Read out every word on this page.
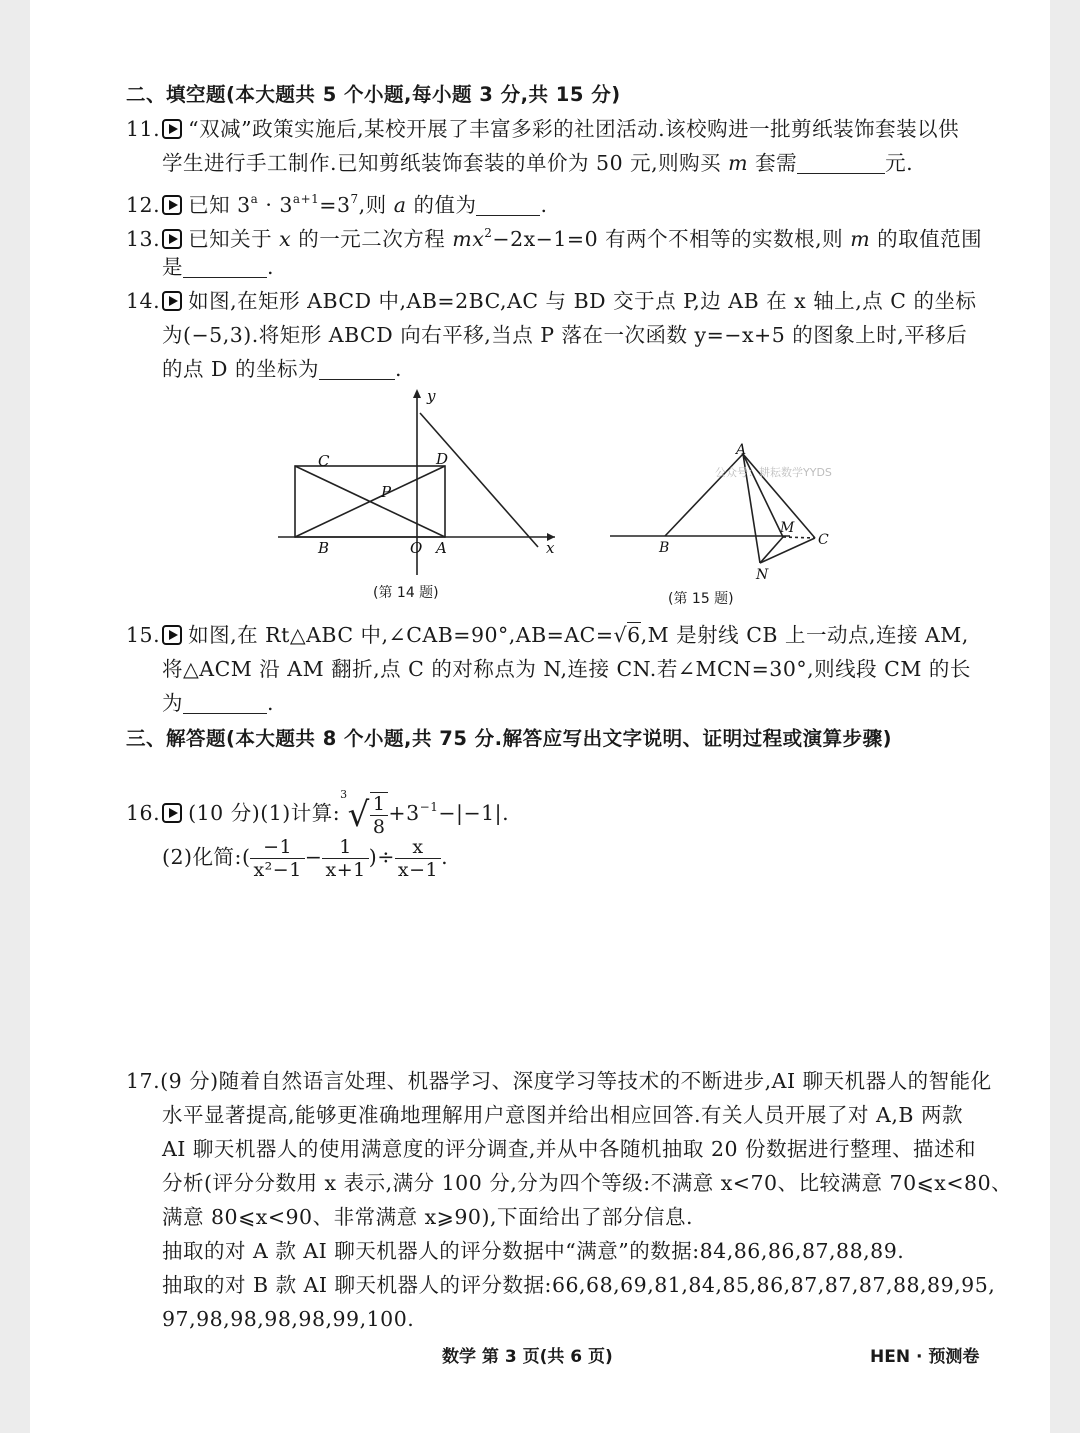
二、填空题(本大题共 5 个小题,每小题 3 分,共 15 分)
11. “双减”政策实施后,某校开展了丰富多彩的社团活动.该校购进一批剪纸装饰套装以供
学生进行手工制作.已知剪纸装饰套装的单价为 50 元,则购买 m 套需	元.
12. 已知 $3^a \cdot 3^{a+1}=3^7$,则 a 的值为	.
13. 已知关于 x 的一元二次方程 $mx^2-2x-1=0$ 有两个不相等的实数根,则 m 的取值范围
是	.
14. 如图,在矩形 ABCD 中,AB=2BC,AC 与 BD 交于点 P,边 AB 在 x 轴上,点 C 的坐标
为(−5,3).将矩形 ABCD 向右平移,当点 P 落在一次函数 y=−x+5 的图象上时,平移后
的点 D 的坐标为	.
y
x
C	D
P
B	O A
(第 14 题)
A
B
M
C
N
公众号：耕耘数学YYDS
(第 15 题)
15. 如图,在 Rt△ABC 中,∠CAB=90°,AB=AC=√6,M 是射线 CB 上一动点,连接 AM,
将△ACM 沿 AM 翻折,点 C 的对称点为 N,连接 CN.若∠MCN=30°,则线段 CM 的长
为	.
三、解答题(本大题共 8 个小题,共 75 分.解答应写出文字说明、证明过程或演算步骤)
16. (10 分)(1)计算:$^3$√ $\frac{1}{8} +3^{-1}-|-1|$.
(2)化简:( $\frac{-1}{\text{x²−1}} - \frac{1}{x+1}$ )÷ $\frac{x}{x-1}$ .
17.(9 分)随着自然语言处理、机器学习、深度学习等技术的不断进步,AI 聊天机器人的智能化
水平显著提高,能够更准确地理解用户意图并给出相应回答.有关人员开展了对 A,B 两款
AI 聊天机器人的使用满意度的评分调查,并从中各随机抽取 20 份数据进行整理、描述和
分析(评分分数用 x 表示,满分 100 分,分为四个等级:不满意 x<70、比较满意 70⩽x<80、
满意 80⩽x<90、非常满意 x⩾90),下面给出了部分信息.
抽取的对 A 款 AI 聊天机器人的评分数据中“满意”的数据:84,86,86,87,88,89.
抽取的对 B 款 AI 聊天机器人的评分数据:66,68,69,81,84,85,86,87,87,87,88,89,95,
97,98,98,98,98,99,100.
数学 第 3 页(共 6 页)	HEN · 预测卷
